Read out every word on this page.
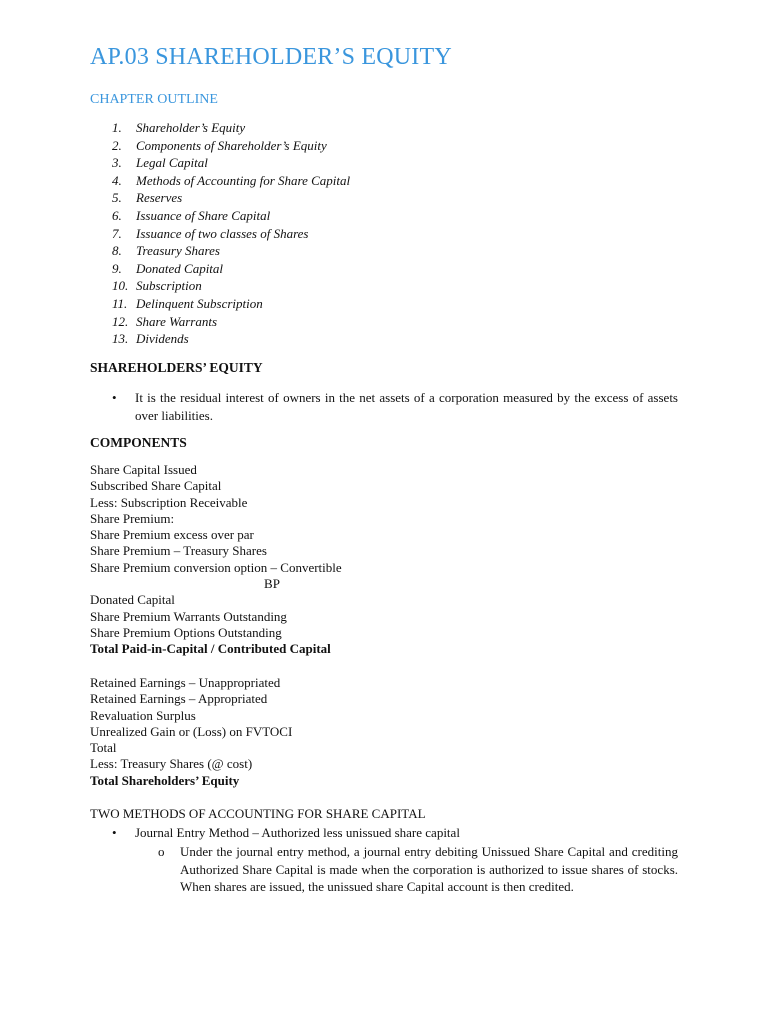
AP.03 SHAREHOLDER’S EQUITY
CHAPTER OUTLINE
1. Shareholder’s Equity
2. Components of Shareholder’s Equity
3. Legal Capital
4. Methods of Accounting for Share Capital
5. Reserves
6. Issuance of Share Capital
7. Issuance of two classes of Shares
8. Treasury Shares
9. Donated Capital
10. Subscription
11. Delinquent Subscription
12. Share Warrants
13. Dividends
SHAREHOLDERS’ EQUITY
• It is the residual interest of owners in the net assets of a corporation measured by the excess of assets over liabilities.
COMPONENTS
Share Capital Issued
Subscribed Share Capital
Less: Subscription Receivable
Share Premium:
Share Premium excess over par
Share Premium – Treasury Shares
Share Premium conversion option – Convertible
BP
Donated Capital
Share Premium Warrants Outstanding
Share Premium Options Outstanding
Total Paid-in-Capital / Contributed Capital
Retained Earnings – Unappropriated
Retained Earnings – Appropriated
Revaluation Surplus
Unrealized Gain or (Loss) on FVTOCI
Total
Less: Treasury Shares (@ cost)
Total Shareholders’ Equity
TWO METHODS OF ACCOUNTING FOR SHARE CAPITAL
• Journal Entry Method – Authorized less unissued share capital
o Under the journal entry method, a journal entry debiting Unissued Share Capital and crediting Authorized Share Capital is made when the corporation is authorized to issue shares of stocks. When shares are issued, the unissued share Capital account is then credited.
